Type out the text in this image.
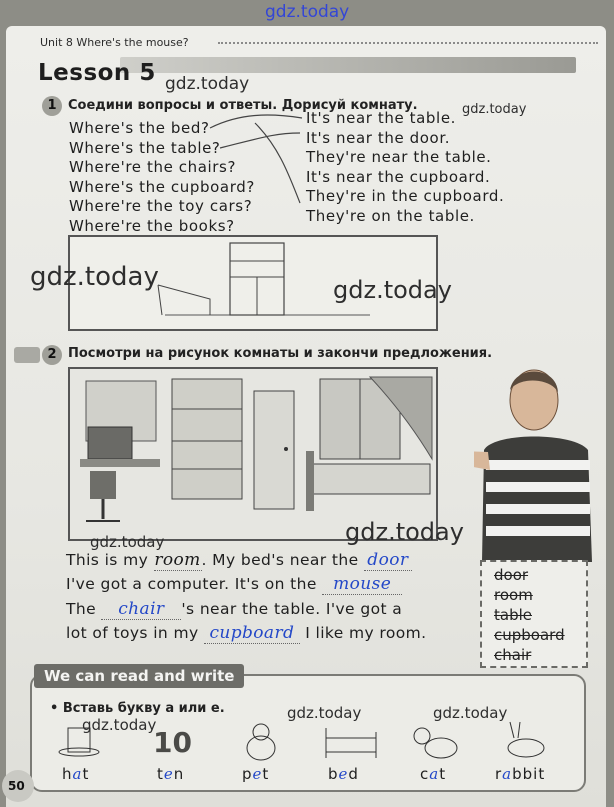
gdz.today
Unit 8 Where's the mouse?
Lesson 5
1 Соедини вопросы и ответы. Дорисуй комнату.
Where's the bed?
Where's the table?
Where're the chairs?
Where's the cupboard?
Where're the toy cars?
Where're the books?
It's near the table.
It's near the door.
They're near the table.
It's near the cupboard.
They're in the cupboard.
They're on the table.
gdz.today	gdz.today
gdz.today
gdz.today
2 Посмотри на рисунок комнаты и закончи предложения.
gdz.today
gdz.today
This is my room. My bed's near the door
I've got a computer. It's on the mouse
The chair 's near the table. I've got a
lot of toys in my cupboard I like my room.
door
room
table
cupboard
chair
We can read and write
• Вставь букву a или e.	gdz.today	gdz.today
gdz.today
10
hat	ten	pet	bed	cat	rabbit
50
